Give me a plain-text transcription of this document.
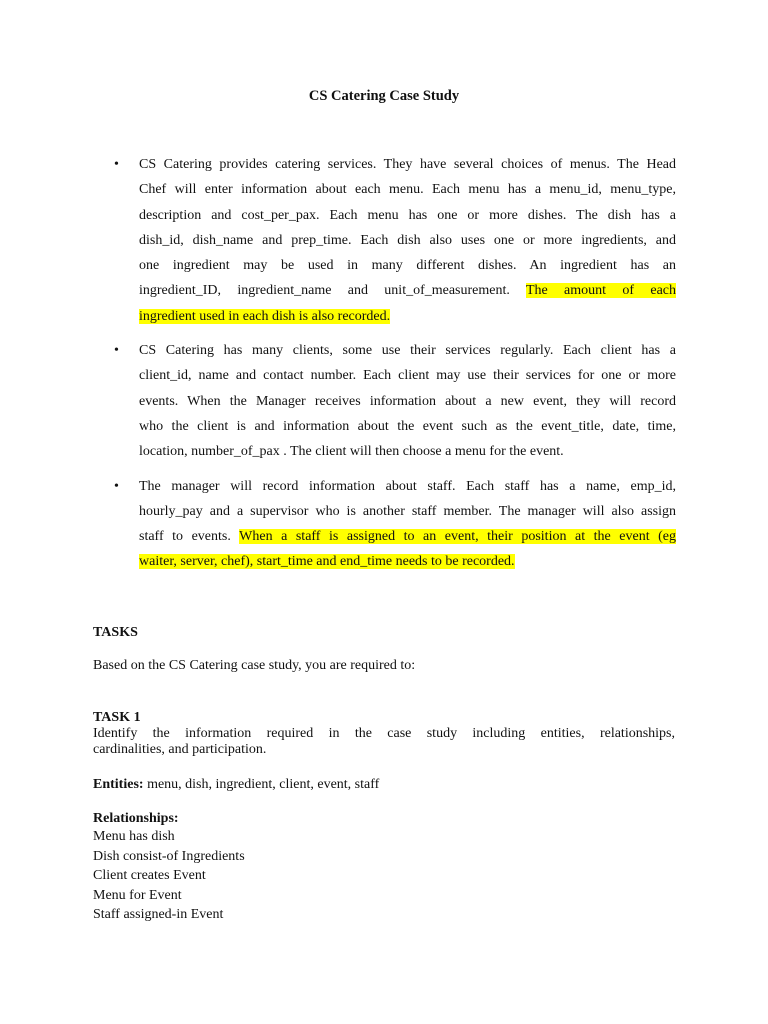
CS Catering Case Study
• CS Catering provides catering services. They have several choices of menus. The Head
Chef will enter information about each menu. Each menu has a menu_id, menu_type,
description and cost_per_pax. Each menu has one or more dishes. The dish has a
dish_id, dish_name and prep_time. Each dish also uses one or more ingredients, and
one ingredient may be used in many different dishes. An ingredient has an
ingredient_ID, ingredient_name and unit_of_measurement. The amount of each
ingredient used in each dish is also recorded.
• CS Catering has many clients, some use their services regularly. Each client has a
client_id, name and contact number. Each client may use their services for one or more
events. When the Manager receives information about a new event, they will record
who the client is and information about the event such as the event_title, date, time,
location, number_of_pax . The client will then choose a menu for the event.
• The manager will record information about staff. Each staff has a name, emp_id,
hourly_pay and a supervisor who is another staff member. The manager will also assign
staff to events. When a staff is assigned to an event, their position at the event (eg
waiter, server, chef), start_time and end_time needs to be recorded.
TASKS
Based on the CS Catering case study, you are required to:
TASK 1
Identify the information required in the case study including entities, relationships,
cardinalities, and participation.
Entities: menu, dish, ingredient, client, event, staff
Relationships:
Menu has dish
Dish consist-of Ingredients
Client creates Event
Menu for Event
Staff assigned-in Event
